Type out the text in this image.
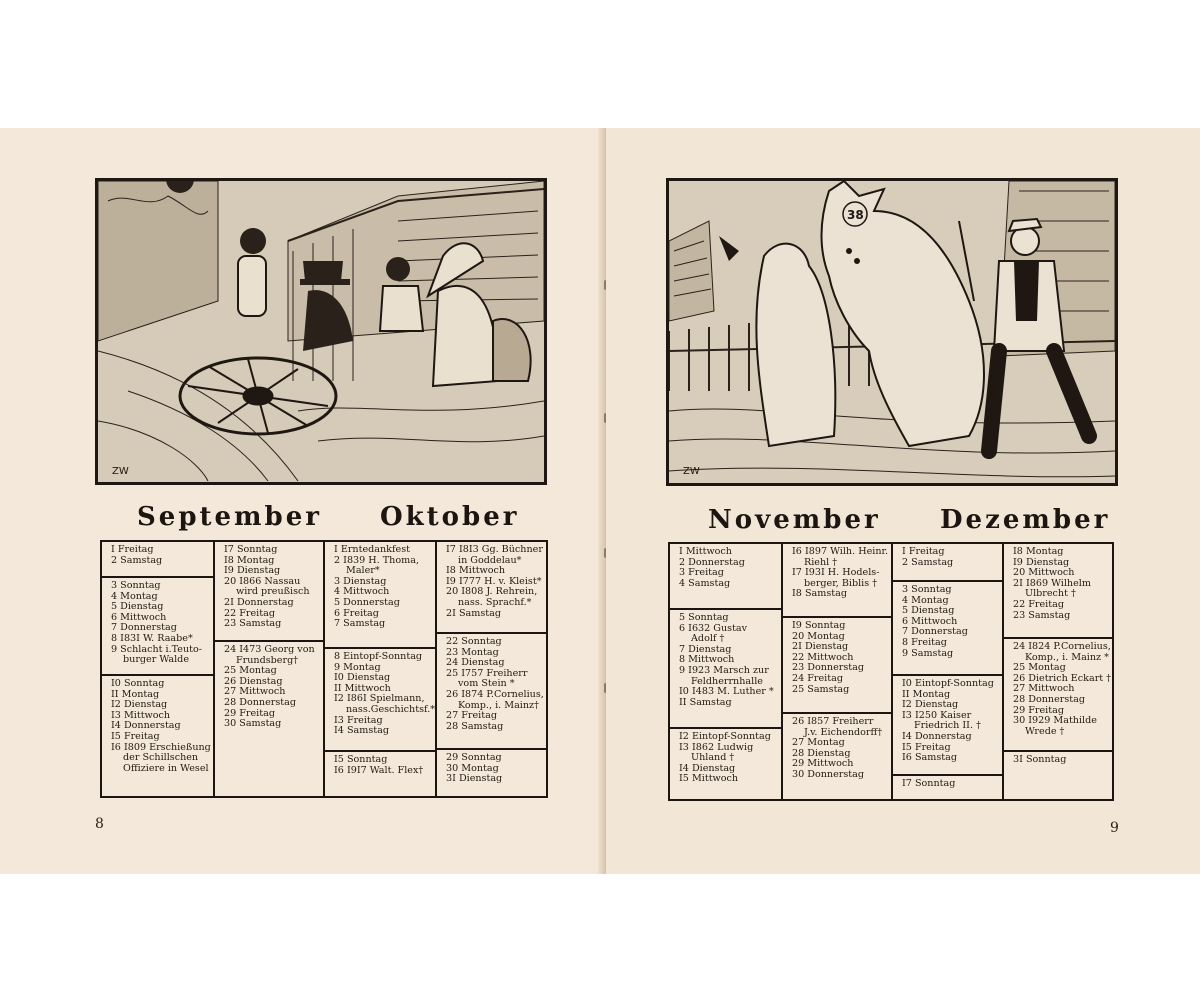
ZW
September Oktober
I Freitag
2 Samstag
3 Sonntag
4 Montag
5 Dienstag
6 Mittwoch
7 Donnerstag
8 I83I W. Raabe*
9 Schlacht i.Teuto-
burger Walde
I0 Sonntag
II Montag
I2 Dienstag
I3 Mittwoch
I4 Donnerstag
I5 Freitag
I6 I809 Erschießung
der Schillschen
Offiziere in Wesel
I7 Sonntag
I8 Montag
I9 Dienstag
20 I866 Nassau
wird preußisch
2I Donnerstag
22 Freitag
23 Samstag
24 I473 Georg von
Frundsberg†
25 Montag
26 Dienstag
27 Mittwoch
28 Donnerstag
29 Freitag
30 Samstag
I Erntedankfest
2 I839 H. Thoma,
Maler*
3 Dienstag
4 Mittwoch
5 Donnerstag
6 Freitag
7 Samstag
8 Eintopf-Sonntag
9 Montag
I0 Dienstag
II Mittwoch
I2 I86I Spielmann,
nass.Geschichtsf.*
I3 Freitag
I4 Samstag
I5 Sonntag
I6 I9I7 Walt. Flex†
I7 I8I3 Gg. Büchner
in Goddelau*
I8 Mittwoch
I9 I777 H. v. Kleist*
20 I808 J. Rehrein,
nass. Sprachf.*
2I Samstag
22 Sonntag
23 Montag
24 Dienstag
25 I757 Freiherr
vom Stein *
26 I874 P.Cornelius,
Komp., i. Mainz†
27 Freitag
28 Samstag
29 Sonntag
30 Montag
3I Dienstag
8
38
ZW
November Dezember
I Mittwoch
2 Donnerstag
3 Freitag
4 Samstag
5 Sonntag
6 I632 Gustav
Adolf †
7 Dienstag
8 Mittwoch
9 I923 Marsch zur
Feldherrnhalle
I0 I483 M. Luther *
II Samstag
I2 Eintopf-Sonntag
I3 I862 Ludwig
Uhland †
I4 Dienstag
I5 Mittwoch
I6 I897 Wilh. Heinr.
Riehl †
I7 I93I H. Hodels-
berger, Biblis †
I8 Samstag
I9 Sonntag
20 Montag
2I Dienstag
22 Mittwoch
23 Donnerstag
24 Freitag
25 Samstag
26 I857 Freiherr
J.v. Eichendorff†
27 Montag
28 Dienstag
29 Mittwoch
30 Donnerstag
I Freitag
2 Samstag
3 Sonntag
4 Montag
5 Dienstag
6 Mittwoch
7 Donnerstag
8 Freitag
9 Samstag
I0 Eintopf-Sonntag
II Montag
I2 Dienstag
I3 I250 Kaiser
Friedrich II. †
I4 Donnerstag
I5 Freitag
I6 Samstag
I7 Sonntag
I8 Montag
I9 Dienstag
20 Mittwoch
2I I869 Wilhelm
Ulbrecht †
22 Freitag
23 Samstag
24 I824 P.Cornelius,
Komp., i. Mainz *
25 Montag
26 Dietrich Eckart †
27 Mittwoch
28 Donnerstag
29 Freitag
30 I929 Mathilde
Wrede †
3I Sonntag
9
